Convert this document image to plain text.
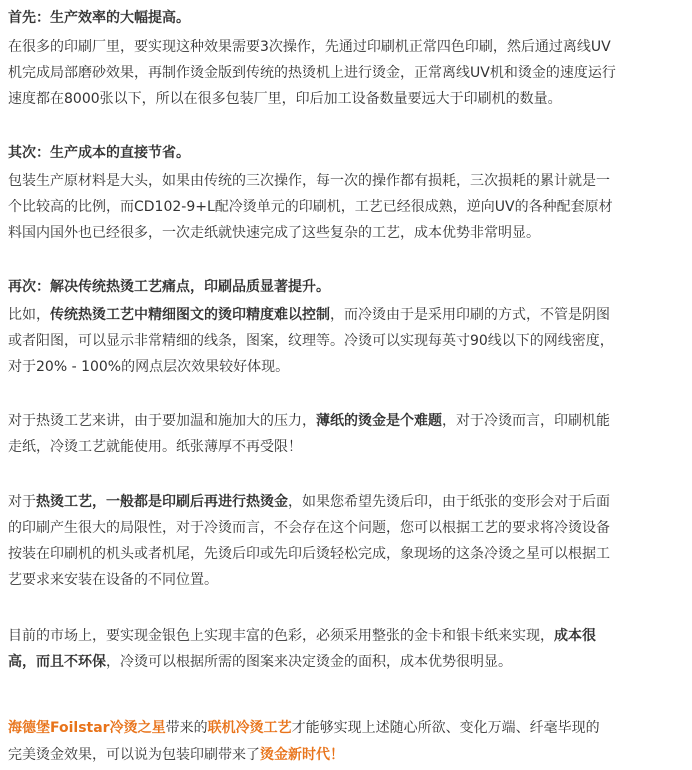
首先：生产效率的大幅提高。
在很多的印刷厂里，要实现这种效果需要3次操作，先通过印刷机正常四色印刷，然后通过离线UV
机完成局部磨砂效果，再制作烫金版到传统的热烫机上进行烫金，正常离线UV机和烫金的速度运行
速度都在8000张以下，所以在很多包装厂里，印后加工设备数量要远大于印刷机的数量。
其次：生产成本的直接节省。
包装生产原材料是大头，如果由传统的三次操作，每一次的操作都有损耗，三次损耗的累计就是一
个比较高的比例，而CD102-9+L配冷烫单元的印刷机，工艺已经很成熟，逆向UV的各种配套原材
料国内国外也已经很多，一次走纸就快速完成了这些复杂的工艺，成本优势非常明显。
再次：解决传统热烫工艺痛点，印刷品质显著提升。
比如，传统热烫工艺中精细图文的烫印精度难以控制，而冷烫由于是采用印刷的方式，不管是阴图
或者阳图，可以显示非常精细的线条，图案，纹理等。冷烫可以实现每英寸90线以下的网线密度，
对于20% - 100%的网点层次效果较好体现。
对于热烫工艺来讲，由于要加温和施加大的压力，薄纸的烫金是个难题，对于冷烫而言，印刷机能
走纸，冷烫工艺就能使用。纸张薄厚不再受限！
对于热烫工艺，一般都是印刷后再进行热烫金，如果您希望先烫后印，由于纸张的变形会对于后面
的印刷产生很大的局限性，对于冷烫而言，不会存在这个问题，您可以根据工艺的要求将冷烫设备
按装在印刷机的机头或者机尾，先烫后印或先印后烫轻松完成，象现场的这条冷烫之星可以根据工
艺要求来安装在设备的不同位置。
目前的市场上，要实现金银色上实现丰富的色彩，必须采用整张的金卡和银卡纸来实现，成本很
高，而且不环保，冷烫可以根据所需的图案来决定烫金的面积，成本优势很明显。
海德堡Foilstar冷烫之星带来的联机冷烫工艺才能够实现上述随心所欲、变化万端、纤毫毕现的
完美烫金效果，可以说为包装印刷带来了烫金新时代！
